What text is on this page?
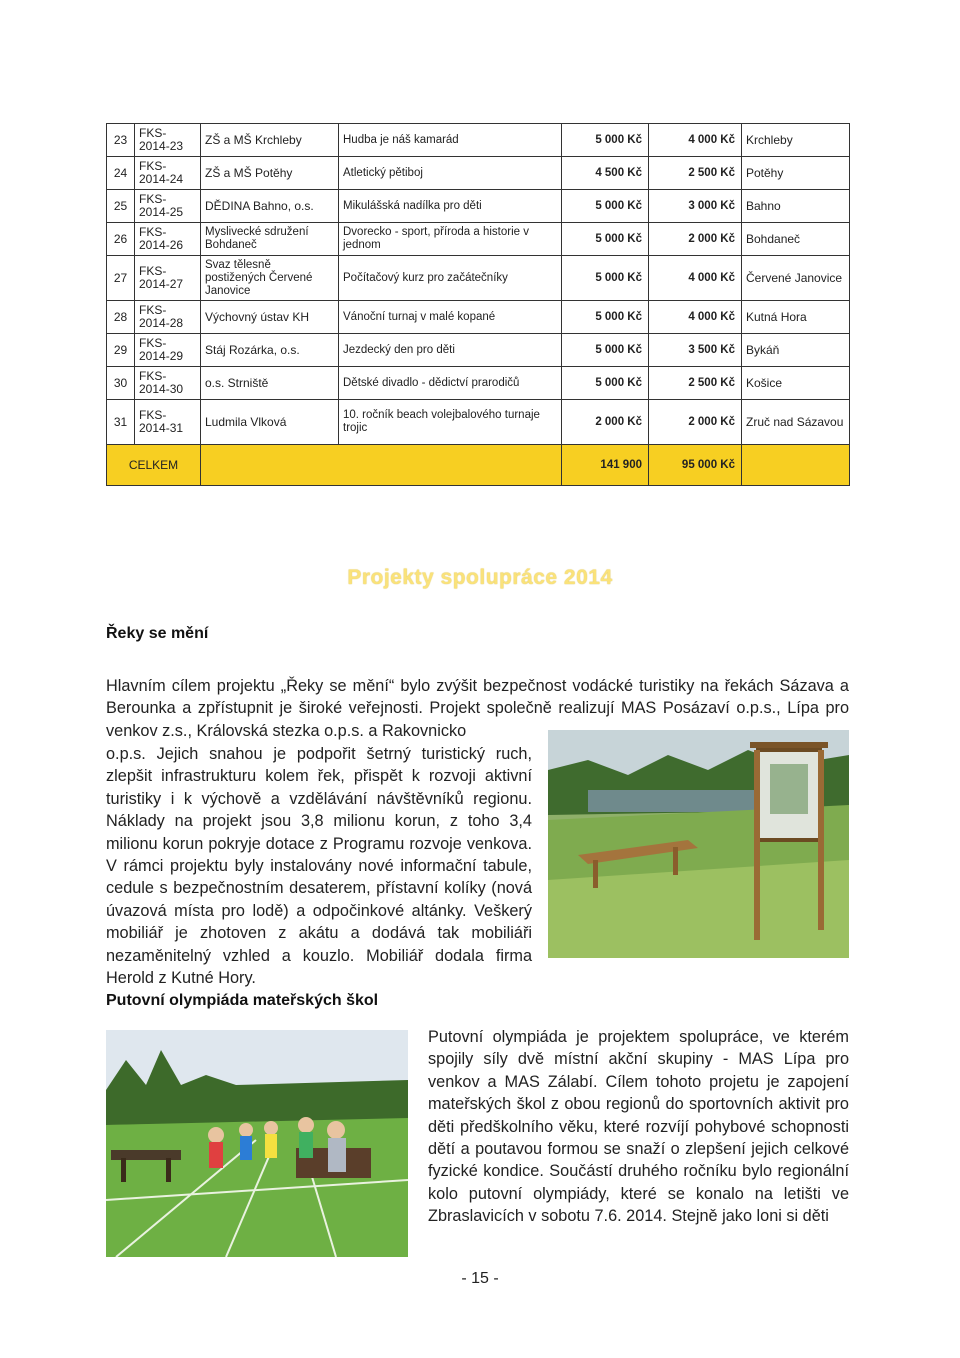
23	FKS-2014-23	ZŠ a MŠ Krchleby	Hudba je náš kamarád	5 000 Kč	4 000 Kč	Krchleby
24	FKS-2014-24	ZŠ a MŠ Potěhy	Atletický pětiboj	4 500 Kč	2 500 Kč	Potěhy
25	FKS-2014-25	DĚDINA Bahno, o.s.	Mikulášská nadílka pro děti	5 000 Kč	3 000 Kč	Bahno
26	FKS-2014-26	Myslivecké sdružení Bohdaneč	Dvorecko - sport, příroda a historie v jednom	5 000 Kč	2 000 Kč	Bohdaneč
27	FKS-2014-27	Svaz tělesně postižených Červené Janovice	Počítačový kurz pro začátečníky	5 000 Kč	4 000 Kč	Červené Janovice
28	FKS-2014-28	Výchovný ústav KH	Vánoční turnaj v malé kopané	5 000 Kč	4 000 Kč	Kutná Hora
29	FKS-2014-29	Stáj Rozárka, o.s.	Jezdecký den pro děti	5 000 Kč	3 500 Kč	Bykáň
30	FKS-2014-30	o.s. Strniště	Dětské divadlo - dědictví prarodičů	5 000 Kč	2 500 Kč	Košice
31	FKS-2014-31	Ludmila Vlková	10. ročník beach volejbalového turnaje trojic	2 000 Kč	2 000 Kč	Zruč nad Sázavou
CELKEM				141 900	95 000 Kč	
Projekty spolupráce 2014
Řeky se mění

Hlavním cílem projektu „Řeky se mění“ bylo zvýšit bezpečnost vodácké turistiky na řekách Sázava a Berounka a zpřístupnit je široké veřejnosti. Projekt společně realizují MAS Posázaví o.p.s., Lípa pro venkov z.s., Královská stezka o.p.s. a Rakovnicko

o.p.s. Jejich snahou je podpořit šetrný turistický ruch, zlepšit infrastrukturu kolem řek, přispět k rozvoji aktivní turistiky i k výchově a vzdělávání návštěvníků regionu. Náklady na projekt jsou 3,8 milionu korun, z toho 3,4 milionu korun pokryje dotace z Programu rozvoje venkova. V rámci projektu byly instalovány nové informační tabule, cedule s bezpečnostním desaterem, přístavní kolíky (nová úvazová místa pro lodě) a odpočinkové altánky. Veškerý mobiliář je zhotoven z akátu a dodává tak mobiliáři nezaměnitelný vzhled a kouzlo. Mobiliář dodala firma Herold z Kutné Hory.

Putovní olympiáda mateřských škol

Putovní olympiáda je projektem spolupráce, ve kterém spojily síly dvě místní akční skupiny - MAS Lípa pro venkov a MAS Zálabí. Cílem tohoto projetu je zapojení mateřských škol z obou regionů do sportovních aktivit pro děti předškolního věku, které rozvíjí pohybové schopnosti dětí a poutavou formou se snaží o zlepšení jejich celkové fyzické kondice. Součástí druhého ročníku bylo regionální kolo putovní olympiády, které se konalo na letišti ve Zbraslavicích v sobotu 7.6. 2014. Stejně jako loni si děti

- 15 -
